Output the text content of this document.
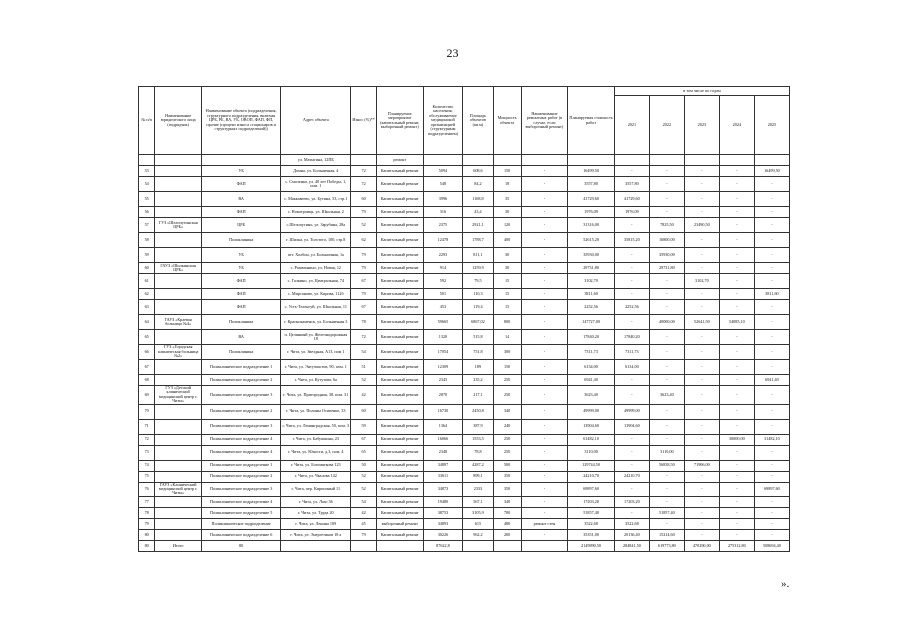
23
№ п/п	Наименование юридического лица (подрядчик)	Наименование объекта (подразделения, структурного подразделения, включая ЦРБ, РБ, ВА, УБ, ОВОП, ФАП, ФП, прочие (процент износа стационаров и структурных подразделений))	Адрес объекта	Износ (%)**	Планируемое мероприятие (капитальный ремонт, выборочный ремонт)	Количество населения, обслуживаемое медицинской организацией (структурным подразделением)	Площадь объектов (кв.м)	Мощность объекта	Наименование ремонтных работ (в случае, если выборочный ремонт)	Планируемая стоимость работ	в том числе по годам				
											2021	2022	2023	2024	2025
			ул. Матыгина, 12ПБ		ремонт										
53		УБ	Домна, ул. Больничная, 4	72	Капитальный ремонт	5094	608,6	150	-	16499,50	-	-	-	-	16499,50
54		ФАП	с. Смоленка, ул. 40 лет Победы, 1, пом. 1	72	Капитальный ремонт	548	84,2	18	-	3557,80	3557,80	-	-	-	-
55		ВА	с. Маккавеево, ул. Бутина, 53, стр.1	60	Капитальный ремонт	3996	1168,8	35	-	41729,60	41729,60	-	-	-	-
56		ФАП	с. Новотроицк, ул. Школьная, 2	79	Капитальный ремонт	316	43,4	30	-	1976,09	1976,09	-	-	-	-
57	ГУЗ «Шелопугинская ЦРБ»	ЦРБ	с.Шелопугино, ул. Зарубина, 28а	52	Капитальный ремонт	2375	2921,1	120	-	31316,00	-	7825,50	23490,50	-	-
58		Поликлиника	г. Шилка, ул. Толстого, 100, стр.8	62	Капитальный ремонт	12478	1788,7	400	-	52615,20	35815,20	16800,00	-	-	-
59		УБ	пгт. Холбон, ул. Больничная, 1а	79	Капитальный ремонт	2293	811,1	30	-	35930,00	-	35930,00	-	-	-
60	ГАУЗ «Шилкинская ЦРБ»	УБ	с. Размахнино, ул. Новая, 12	79	Капитальный ремонт	914	1259,9	30	-	29731,80	-	29731,80	-	-	-
61		ФАП	с. Галкино, ул. Центральная, 74	67	Капитальный ремонт	592	79,5	15	-	3102,70	-	-	3102,70	-	-
62		ФАП	с. Мирсаново, ул. Кирова, 112б	79	Капитальный ремонт	501	110,3	15	-	3811,60	-	-	-	-	3811,60
63		ФАП	с. Усть-Теленгуй, ул. Школьная, 11	67	Капитальный ремонт	453	119,4	15	-	2252,56	2252,56	-	-	-	-
64	ГАУЗ «Краевая больница №4»	Поликлиника	г. Краснокаменск, ул. Больничная 3	78	Капитальный ремонт	59665	6867,02	800	-	147727,00	-	40000,00	52641,50	54085,10	-
65		ВА	п. Целинный ул. Железнодорожная 18	72	Капитальный ремонт	1320	515,8	14	-	17840,20	17840,20	-	-	-	-
66	ГУЗ «Городская клиническая больница №2»	Поликлиника	г. Чита, ул. Звездная, А13, пом 1	54	Капитальный ремонт	17054	751,8	300	-	7311,73	7311,73	-	-	-	-
67		Поликлиническое подразделение 1	г. Чита, ул. Энтузиастов, 90, пом. 1	51	Капитальный ремонт	12309	189	150	-	6134,00	6134,00	-	-	-	-
68		Поликлиническое подразделение 2	г. Чита, ул. Кутузова, 6а	52	Капитальный ремонт	2343	235,2	250	-	6941,40	-	-	-	-	6941,40
69	ГУЗ «Детский клинический медицинский центр г. Читы»	Поликлиническое подразделение 3	г. Чита, ул. Пригородная, 38, пом. 31	42	Капитальный ремонт	2870	217,1	250	-	3623,40	-	3623,40	-	-	-
70		Поликлиническое подразделение 2	г. Чита, ул. Полины Осипенко, 33	60	Капитальный ремонт	16730	2450,8	340	-	49999,00	49999,00	-	-	-	-
71		Поликлиническое подразделение 3	г. Чита, ул. Ленинградская, 50, пом. 3	59	Капитальный ремонт	1364	387,9	240	-	13904,60	13904,60	-	-	-	-
72		Поликлиническое подразделение 4	г. Чита, ул. Бабушкина, 23	67	Капитальный ремонт	16066	1553,5	250	-	61482,10	-	-	-	30000,00	31482,10
73		Поликлиническое подразделение 4	г. Чита, ул. Юности, д.3, пом. 4	65	Капитальный ремонт	2348	78,8	250	-	3110,00	-	3110,00	-	-	-
74		Поликлиническое подразделение 1	г. Чита, ул. Богомягкова 123	50	Капитальный ремонт	34897	4287,2	500	-	129744,50	-	56838,50	71906,00	-	-
75		Поликлиническое подразделение 2	г. Чита, ул. Чкалова 142	52	Капитальный ремонт	33611	899,1	350	-	24210,70	24210,70	-	-	-	-
76	ГАУЗ «Клинический медицинский центр г. Читы»	Поликлиническое подразделение 3	г. Чита, пер. Кирпичный 11	52	Капитальный ремонт	34873	2333	350	-	69897,60	-	-	-	-	69897,60
77		Поликлиническое подразделение 4	г. Чита, ул. Лазо 36	54	Капитальный ремонт	19480	567,1	340	-	17203,20	17203,20	-	-	-	-
78		Поликлиническое подразделение 5	г. Чита, ул. Труда 20	42	Капитальный ремонт	38753	3105,9	700	-	51857,40	-	51857,40	-	-	-
79		Поликлиническое подразделение	г. Чита, ул. Ленина 109	45	выборочный ремонт	34893	615	480	ремонт стен	3522,68	3522,68	-	-	-	-
80		Поликлиническое подразделение 6	г. Чита, ул. Энергетиков 18 а	79	Капитальный ремонт	30226	962,2	200	-	35351,00	20136,40	15214,60	-	-	-
80	Итого	80				87622,8				2149890,50	284841,50	619773,80	470290,00	275312,80	508694,40
».
